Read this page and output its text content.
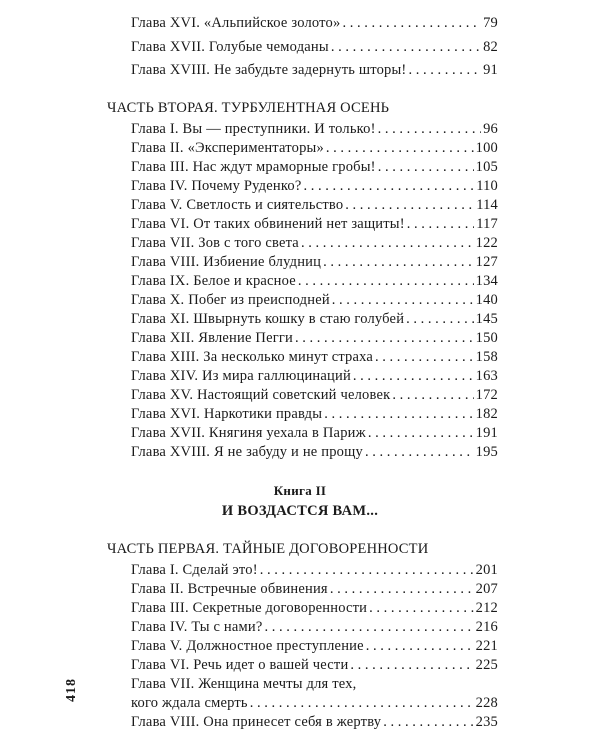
Глава XVI. «Альпийское золото» . . .	79
Глава XVII. Голубые чемоданы . . .	82
Глава XVIII. Не забудьте задернуть шторы! . . .	91
ЧАСТЬ ВТОРАЯ. ТУРБУЛЕНТНАЯ ОСЕНЬ
Глава I. Вы — преступники. И только! . . .	96
Глава II. «Экспериментаторы» . . .	100
Глава III. Нас ждут мраморные гробы! . . .	105
Глава IV. Почему Руденко? . . .	110
Глава V. Светлость и сиятельство . . .	114
Глава VI. От таких обвинений нет защиты! . . .	117
Глава VII. Зов с того света . . .	122
Глава VIII. Избиение блудниц . . .	127
Глава IX. Белое и красное . . .	134
Глава X. Побег из преисподней . . .	140
Глава XI. Швырнуть кошку в стаю голубей . . .	145
Глава XII. Явление Пегги . . .	150
Глава XIII. За несколько минут страха . . .	158
Глава XIV. Из мира галлюцинаций . . .	163
Глава XV. Настоящий советский человек . . .	172
Глава XVI. Наркотики правды . . .	182
Глава XVII. Княгиня уехала в Париж . . .	191
Глава XVIII. Я не забуду и не прощу . . .	195
Книга II
И ВОЗДАСТСЯ ВАМ...
ЧАСТЬ ПЕРВАЯ. ТАЙНЫЕ ДОГОВОРЕННОСТИ
Глава I. Сделай это! . . .	201
Глава II. Встречные обвинения . . .	207
Глава III. Секретные договоренности . . .	212
Глава IV. Ты с нами? . . .	216
Глава V. Должностное преступление . . .	221
Глава VI. Речь идет о вашей чести . . .	225
Глава VII. Женщина мечты для тех,
кого ждала смерть . . .	228
Глава VIII. Она принесет себя в жертву . . .	235
418
